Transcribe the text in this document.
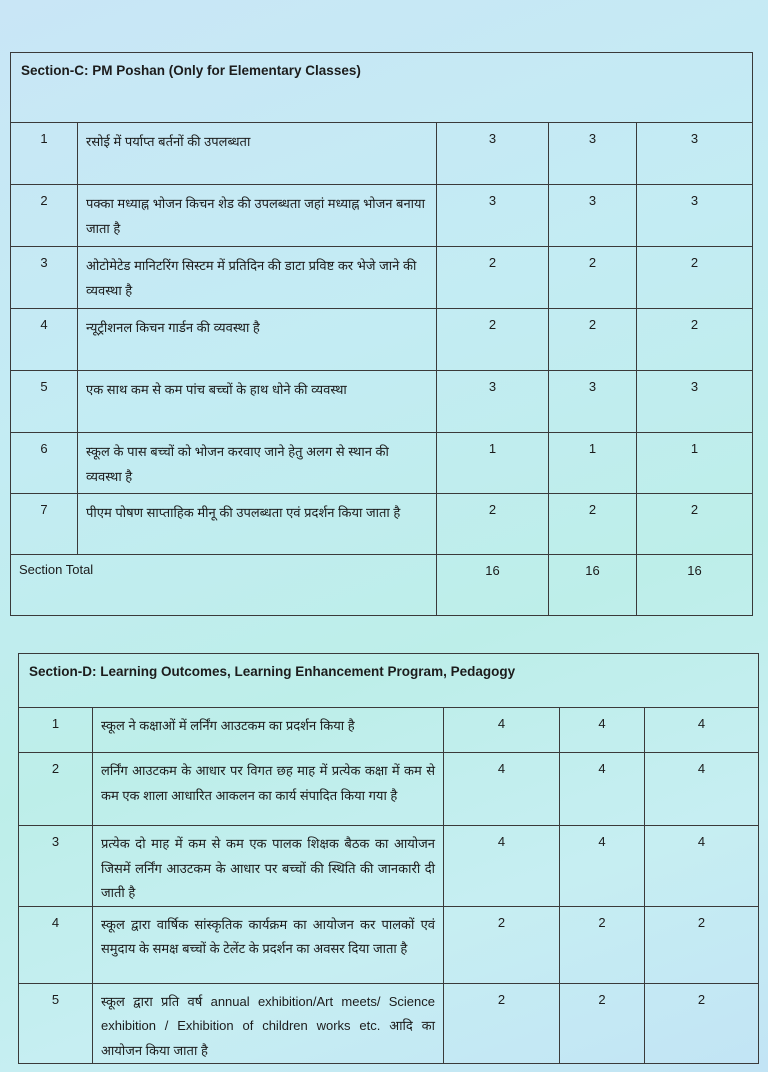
Section-C: PM Poshan (Only for Elementary Classes)				
1	रसोई में पर्याप्त बर्तनों की उपलब्धता	3	3	3
2	पक्का मध्याह्न भोजन किचन शेड की उपलब्धता जहां मध्याह्न भोजन बनाया जाता है	3	3	3
3	ओटोमेटेड मानिटरिंग सिस्टम में प्रतिदिन की डाटा प्रविष्ट कर भेजे जाने की व्यवस्था है	2	2	2
4	न्यूट्रीशनल किचन गार्डन की व्यवस्था है	2	2	2
5	एक साथ कम से कम पांच बच्चों के हाथ धोने की व्यवस्था	3	3	3
6	स्कूल के पास बच्चों को भोजन करवाए जाने हेतु अलग से स्थान की व्यवस्था है	1	1	1
7	पीएम पोषण साप्ताहिक मीनू की उपलब्धता एवं प्रदर्शन किया जाता है	2	2	2
Section Total		16	16	16
Section-D: Learning Outcomes, Learning Enhancement Program, Pedagogy				
1	स्कूल ने कक्षाओं में लर्निंग आउटकम का प्रदर्शन किया है	4	4	4
2	लर्निंग आउटकम के आधार पर विगत छह माह में प्रत्येक कक्षा में कम से कम एक शाला आधारित आकलन का कार्य संपादित किया गया है	4	4	4
3	प्रत्येक दो माह में कम से कम एक पालक शिक्षक बैठक का आयोजन जिसमें लर्निंग आउटकम के आधार पर बच्चों की स्थिति की जानकारी दी जाती है	4	4	4
4	स्कूल द्वारा वार्षिक सांस्कृतिक कार्यक्रम का आयोजन कर पालकों एवं समुदाय के समक्ष बच्चों के टेलेंट के प्रदर्शन का अवसर दिया जाता है	2	2	2
5	स्कूल द्वारा प्रति वर्ष annual exhibition/Art meets/ Science exhibition / Exhibition of children works etc. आदि का आयोजन किया जाता है	2	2	2
